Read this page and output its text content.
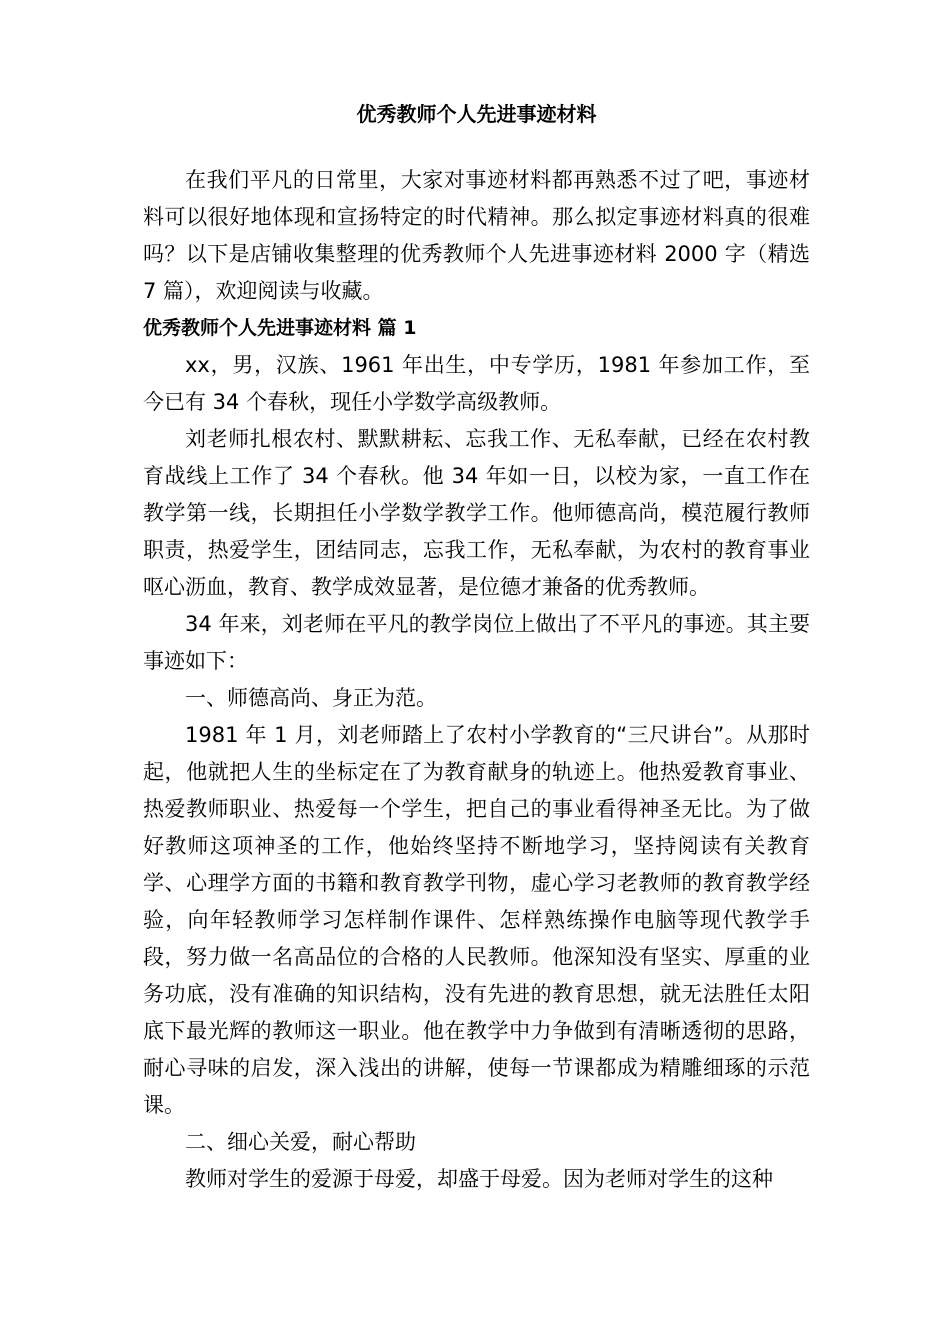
优秀教师个人先进事迹材料

在我们平凡的日常里，大家对事迹材料都再熟悉不过了吧，事迹材料可以很好地体现和宣扬特定的时代精神。那么拟定事迹材料真的很难吗？以下是店铺收集整理的优秀教师个人先进事迹材料 2000 字（精选 7 篇），欢迎阅读与收藏。

优秀教师个人先进事迹材料 篇 1

xx，男，汉族、1961 年出生，中专学历，1981 年参加工作，至今已有 34 个春秋，现任小学数学高级教师。

刘老师扎根农村、默默耕耘、忘我工作、无私奉献，已经在农村教育战线上工作了 34 个春秋。他 34 年如一日，以校为家，一直工作在教学第一线，长期担任小学数学教学工作。他师德高尚，模范履行教师职责，热爱学生，团结同志，忘我工作，无私奉献，为农村的教育事业呕心沥血，教育、教学成效显著，是位德才兼备的优秀教师。

34 年来，刘老师在平凡的教学岗位上做出了不平凡的事迹。其主要事迹如下：

一、师德高尚、身正为范。

1981 年 1 月，刘老师踏上了农村小学教育的“三尺讲台”。从那时起，他就把人生的坐标定在了为教育献身的轨迹上。他热爱教育事业、热爱教师职业、热爱每一个学生，把自己的事业看得神圣无比。为了做好教师这项神圣的工作，他始终坚持不断地学习，坚持阅读有关教育学、心理学方面的书籍和教育教学刊物，虚心学习老教师的教育教学经验，向年轻教师学习怎样制作课件、怎样熟练操作电脑等现代教学手段，努力做一名高品位的合格的人民教师。他深知没有坚实、厚重的业务功底，没有准确的知识结构，没有先进的教育思想，就无法胜任太阳底下最光辉的教师这一职业。他在教学中力争做到有清晰透彻的思路，耐心寻味的启发，深入浅出的讲解，使每一节课都成为精雕细琢的示范课。

二、细心关爱，耐心帮助

教师对学生的爱源于母爱，却盛于母爱。因为老师对学生的这种
